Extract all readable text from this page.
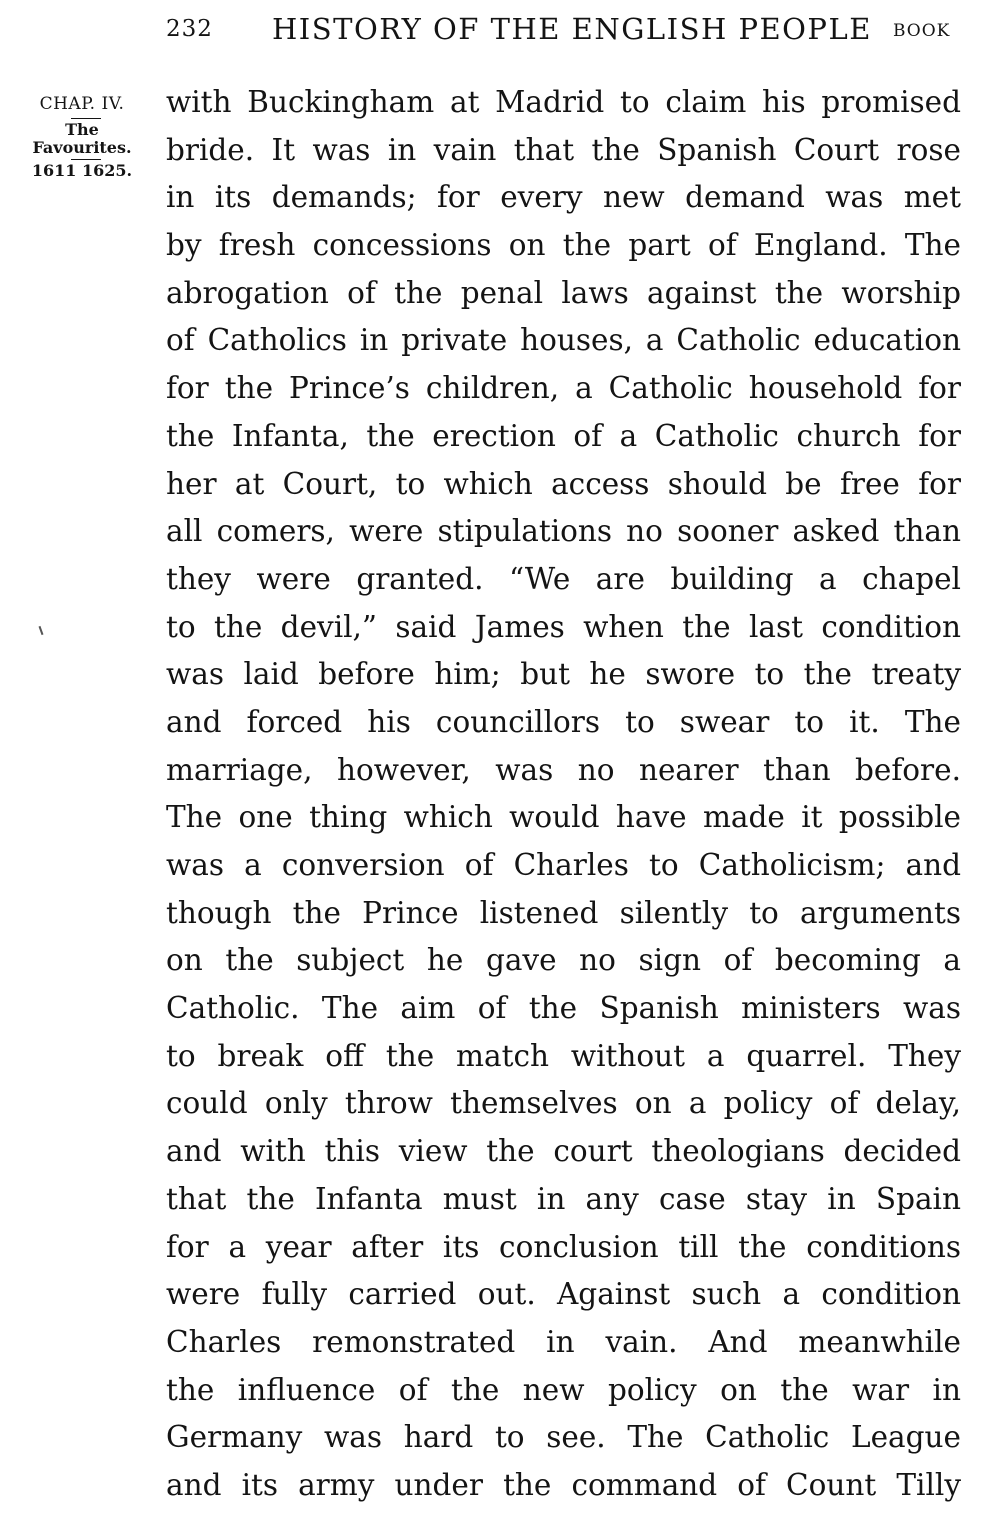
232 HISTORY OF THE ENGLISH PEOPLE BOOK
CHAP. IV.
The
Favourites.
1611 1625.
with Buckingham at Madrid to claim his promised
bride. It was in vain that the Spanish Court rose
in its demands; for every new demand was met
by fresh concessions on the part of England. The
abrogation of the penal laws against the worship
of Catholics in private houses, a Catholic education
for the Prince’s children, a Catholic household for
the Infanta, the erection of a Catholic church for
her at Court, to which access should be free for
all comers, were stipulations no sooner asked than
they were granted. “We are building a chapel
to the devil,” said James when the last condition
was laid before him; but he swore to the treaty
and forced his councillors to swear to it. The
marriage, however, was no nearer than before.
The one thing which would have made it possible
was a conversion of Charles to Catholicism; and
though the Prince listened silently to arguments
on the subject he gave no sign of becoming a
Catholic. The aim of the Spanish ministers was
to break off the match without a quarrel. They
could only throw themselves on a policy of delay,
and with this view the court theologians decided
that the Infanta must in any case stay in Spain
for a year after its conclusion till the conditions
were fully carried out. Against such a condition
Charles remonstrated in vain. And meanwhile
the influence of the new policy on the war in
Germany was hard to see. The Catholic League
and its army under the command of Count Tilly
